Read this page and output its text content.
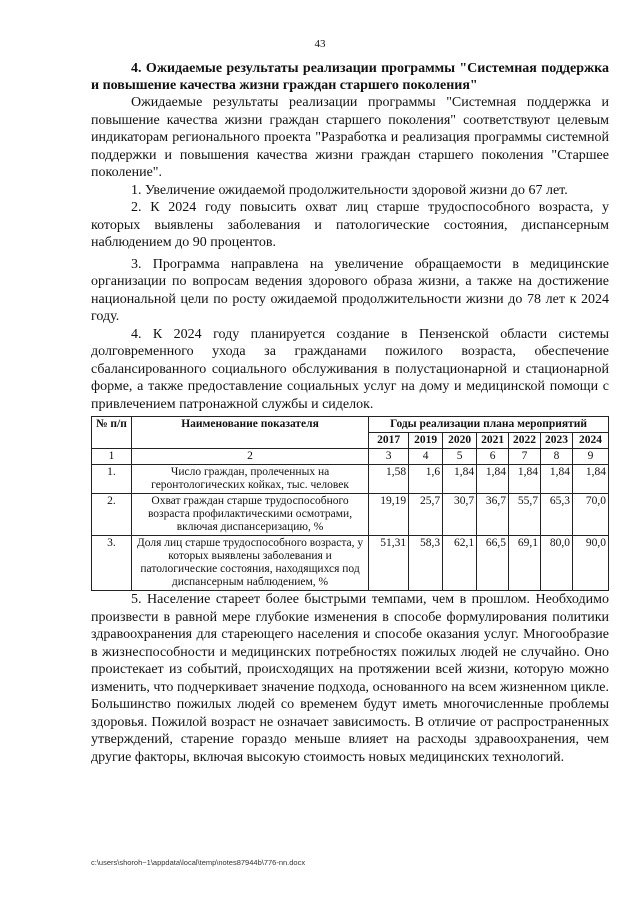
43

4. Ожидаемые результаты реализации программы "Системная поддержка и повышение качества жизни граждан старшего поколения"

Ожидаемые результаты реализации программы "Системная поддержка и повышение качества жизни граждан старшего поколения" соответствуют целевым индикаторам регионального проекта "Разработка и реализация программы системной поддержки и повышения качества жизни граждан старшего поколения "Старшее поколение".

1. Увеличение ожидаемой продолжительности здоровой жизни до 67 лет.

2. К 2024 году повысить охват лиц старше трудоспособного возраста, у которых выявлены заболевания и патологические состояния, диспансерным наблюдением до 90 процентов.

3. Программа направлена на увеличение обращаемости в медицинские организации по вопросам ведения здорового образа жизни, а также на достижение национальной цели по росту ожидаемой продолжительности жизни до 78 лет к 2024 году.

4. К 2024 году планируется создание в Пензенской области системы долговременного ухода за гражданами пожилого возраста, обеспечение сбалансированного социального обслуживания в полустационарной и стационарной форме, а также предоставление социальных услуг на дому и медицинской помощи с привлечением патронажной службы и сиделок.

№ п/п	Наименование показателя	Годы реализации плана мероприятий						
		2017	2019	2020	2021	2022	2023	2024
1	2	3	4	5	6	7	8	9
1.	Число граждан, пролеченных на геронтологических койках, тыс. человек	1,58	1,6	1,84	1,84	1,84	1,84	1,84
2.	Охват граждан старше трудоспособного возраста профилактическими осмотрами, включая диспансеризацию, %	19,19	25,7	30,7	36,7	55,7	65,3	70,0
3.	Доля лиц старше трудоспособного возраста, у которых выявлены заболевания и патологические состояния, находящихся под диспансерным наблюдением, %	51,31	58,3	62,1	66,5	69,1	80,0	90,0

5. Население стареет более быстрыми темпами, чем в прошлом. Необходимо произвести в равной мере глубокие изменения в способе формулирования политики здравоохранения для стареющего населения и способе оказания услуг. Многообразие в жизнеспособности и медицинских потребностях пожилых людей не случайно. Оно проистекает из событий, происходящих на протяжении всей жизни, которую можно изменить, что подчеркивает значение подхода, основанного на всем жизненном цикле. Большинство пожилых людей со временем будут иметь многочисленные проблемы здоровья. Пожилой возраст не означает зависимость. В отличие от распространенных утверждений, старение гораздо меньше влияет на расходы здравоохранения, чем другие факторы, включая высокую стоимость новых медицинских технологий.

c:\users\shoroh~1\appdata\local\temp\notes87944b\776-nn.docx
